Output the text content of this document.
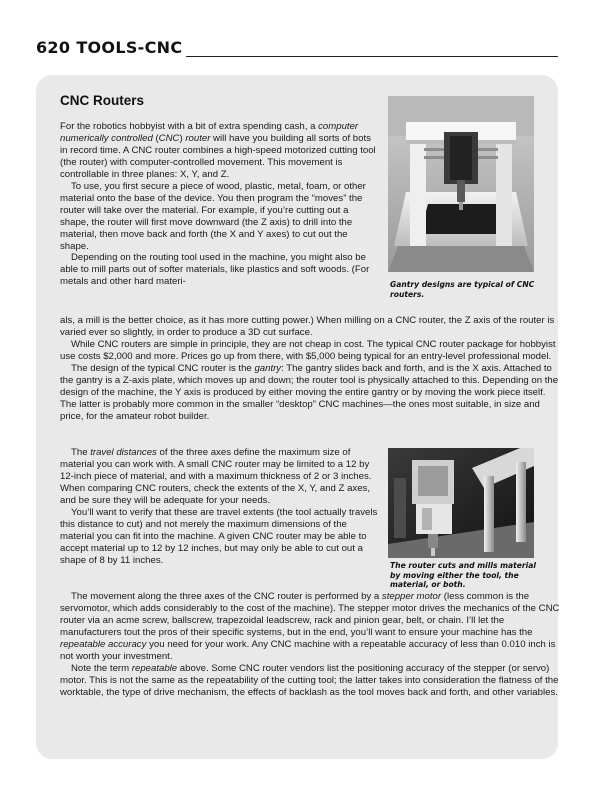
620 TOOLS-CNC
CNC Routers
Gantry designs are typical of CNC routers.
The router cuts and mills material by moving either the tool, the material, or both.

For the robotics hobbyist with a bit of extra spending cash, a computer numerically controlled (CNC) router will have you building all sorts of bots in record time. A CNC router combines a high-speed motorized cutting tool (the router) with computer-controlled movement. This movement is controllable in three planes: X, Y, and Z.

To use, you first secure a piece of wood, plastic, metal, foam, or other material onto the base of the device. You then program the “moves” the router will take over the material. For example, if you’re cutting out a shape, the router will first move downward (the Z axis) to drill into the material, then move back and forth (the X and Y axes) to cut out the shape.

Depending on the routing tool used in the machine, you might also be able to mill parts out of softer materials, like plastics and soft woods. (For metals and other hard materi-

als, a mill is the better choice, as it has more cutting power.) When milling on a CNC router, the Z axis of the router is varied ever so slightly, in order to produce a 3D cut surface.

While CNC routers are simple in principle, they are not cheap in cost. The typical CNC router package for hobbyist use costs $2,000 and more. Prices go up from there, with $5,000 being typical for an entry-level professional model.

The design of the typical CNC router is the gantry: The gantry slides back and forth, and is the X axis. Attached to the gantry is a Z-axis plate, which moves up and down; the router tool is physically attached to this. Depending on the design of the machine, the Y axis is produced by either moving the entire gantry or by moving the work piece itself. The latter is probably more common in the smaller “desktop” CNC machines—the ones most suitable, in size and price, for the amateur robot builder.

The travel distances of the three axes define the maximum size of material you can work with. A small CNC router may be limited to a 12 by 12-inch piece of material, and with a maximum thickness of 2 or 3 inches. When comparing CNC routers, check the extents of the X, Y, and Z axes, and be sure they will be adequate for your needs.

You’ll want to verify that these are travel extents (the tool actually travels this distance to cut) and not merely the maximum dimensions of the material you can fit into the machine. A given CNC router may be able to accept material up to 12 by 12 inches, but may only be able to cut out a shape of 8 by 11 inches.

The movement along the three axes of the CNC router is performed by a stepper motor (less common is the servomotor, which adds considerably to the cost of the machine). The stepper motor drives the mechanics of the CNC router via an acme screw, ballscrew, trapezoidal leadscrew, rack and pinion gear, belt, or chain. I’ll let the manufacturers tout the pros of their specific systems, but in the end, you’ll want to ensure your machine has the repeatable accuracy you need for your work. Any CNC machine with a repeatable accuracy of less than 0.010 inch is not worth your investment.

Note the term repeatable above. Some CNC router vendors list the positioning accuracy of the stepper (or servo) motor. This is not the same as the repeatability of the cutting tool; the latter takes into consideration the flatness of the worktable, the type of drive mechanism, the effects of backlash as the tool moves back and forth, and other variables.
